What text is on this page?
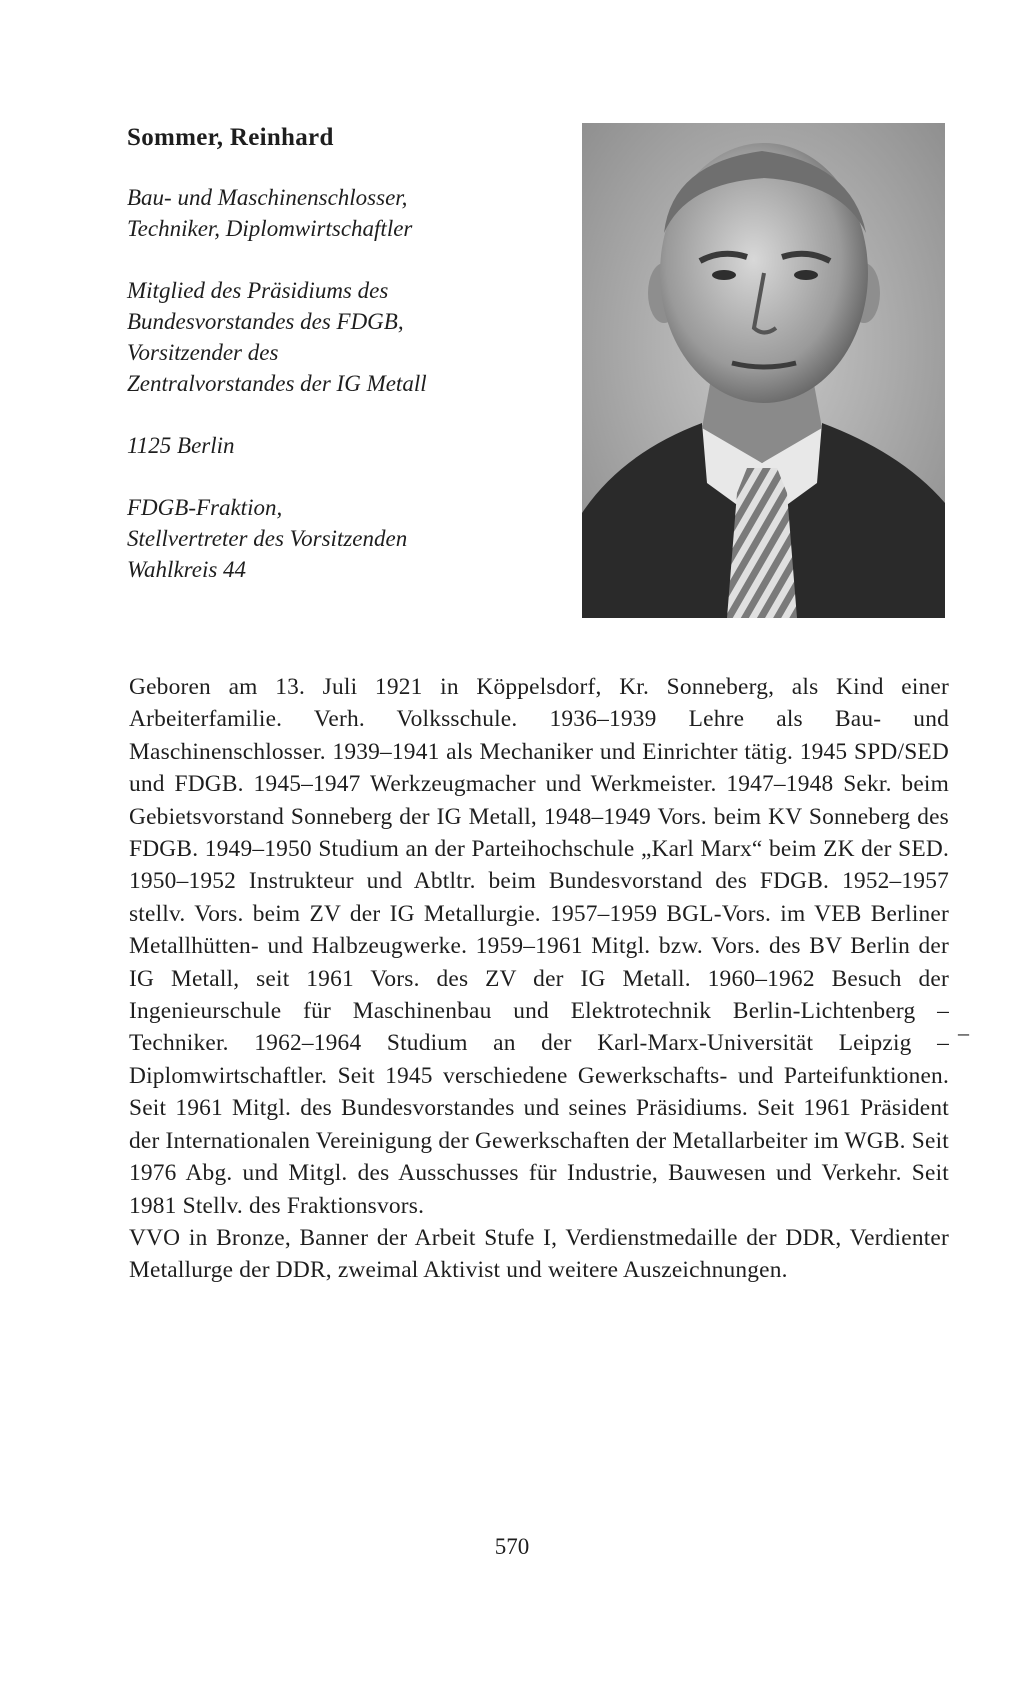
Sommer, Reinhard
Bau- und Maschinenschlosser,
Techniker, Diplomwirtschaftler
Mitglied des Präsidiums des
Bundesvorstandes des FDGB,
Vorsitzender des
Zentralvorstandes der IG Metall
1125 Berlin
FDGB-Fraktion,
Stellvertreter des Vorsitzenden
Wahlkreis 44

Geboren am 13. Juli 1921 in Köppelsdorf, Kr. Sonneberg, als Kind einer Arbeiterfamilie. Verh. Volksschule. 1936–1939 Lehre als Bau- und Maschinenschlosser. 1939–1941 als Mechaniker und Einrichter tätig. 1945 SPD/SED und FDGB. 1945–1947 Werkzeugmacher und Werkmeister. 1947–1948 Sekr. beim Gebietsvorstand Sonneberg der IG Metall, 1948–1949 Vors. beim KV Sonneberg des FDGB. 1949–1950 Studium an der Parteihochschule „Karl Marx“ beim ZK der SED. 1950–1952 Instrukteur und Abtltr. beim Bundesvorstand des FDGB. 1952–1957 stellv. Vors. beim ZV der IG Metallurgie. 1957–1959 BGL-Vors. im VEB Berliner Metallhütten- und Halbzeugwerke. 1959–1961 Mitgl. bzw. Vors. des BV Berlin der IG Metall, seit 1961 Vors. des ZV der IG Metall. 1960–1962 Besuch der Ingenieurschule für Maschinenbau und Elektrotechnik Berlin-Lichtenberg – Techniker. 1962–1964 Studium an der Karl-Marx-Universität Leipzig – Diplomwirtschaftler. Seit 1945 verschiedene Gewerkschafts- und Parteifunktionen. Seit 1961 Mitgl. des Bundesvorstandes und seines Präsidiums. Seit 1961 Präsident der Internationalen Vereinigung der Gewerkschaften der Metallarbeiter im WGB. Seit 1976 Abg. und Mitgl. des Ausschusses für Industrie, Bauwesen und Verkehr. Seit 1981 Stellv. des Fraktionsvors.

VVO in Bronze, Banner der Arbeit Stufe I, Verdienstmedaille der DDR, Verdienter Metallurge der DDR, zweimal Aktivist und weitere Auszeichnungen.

–
570
